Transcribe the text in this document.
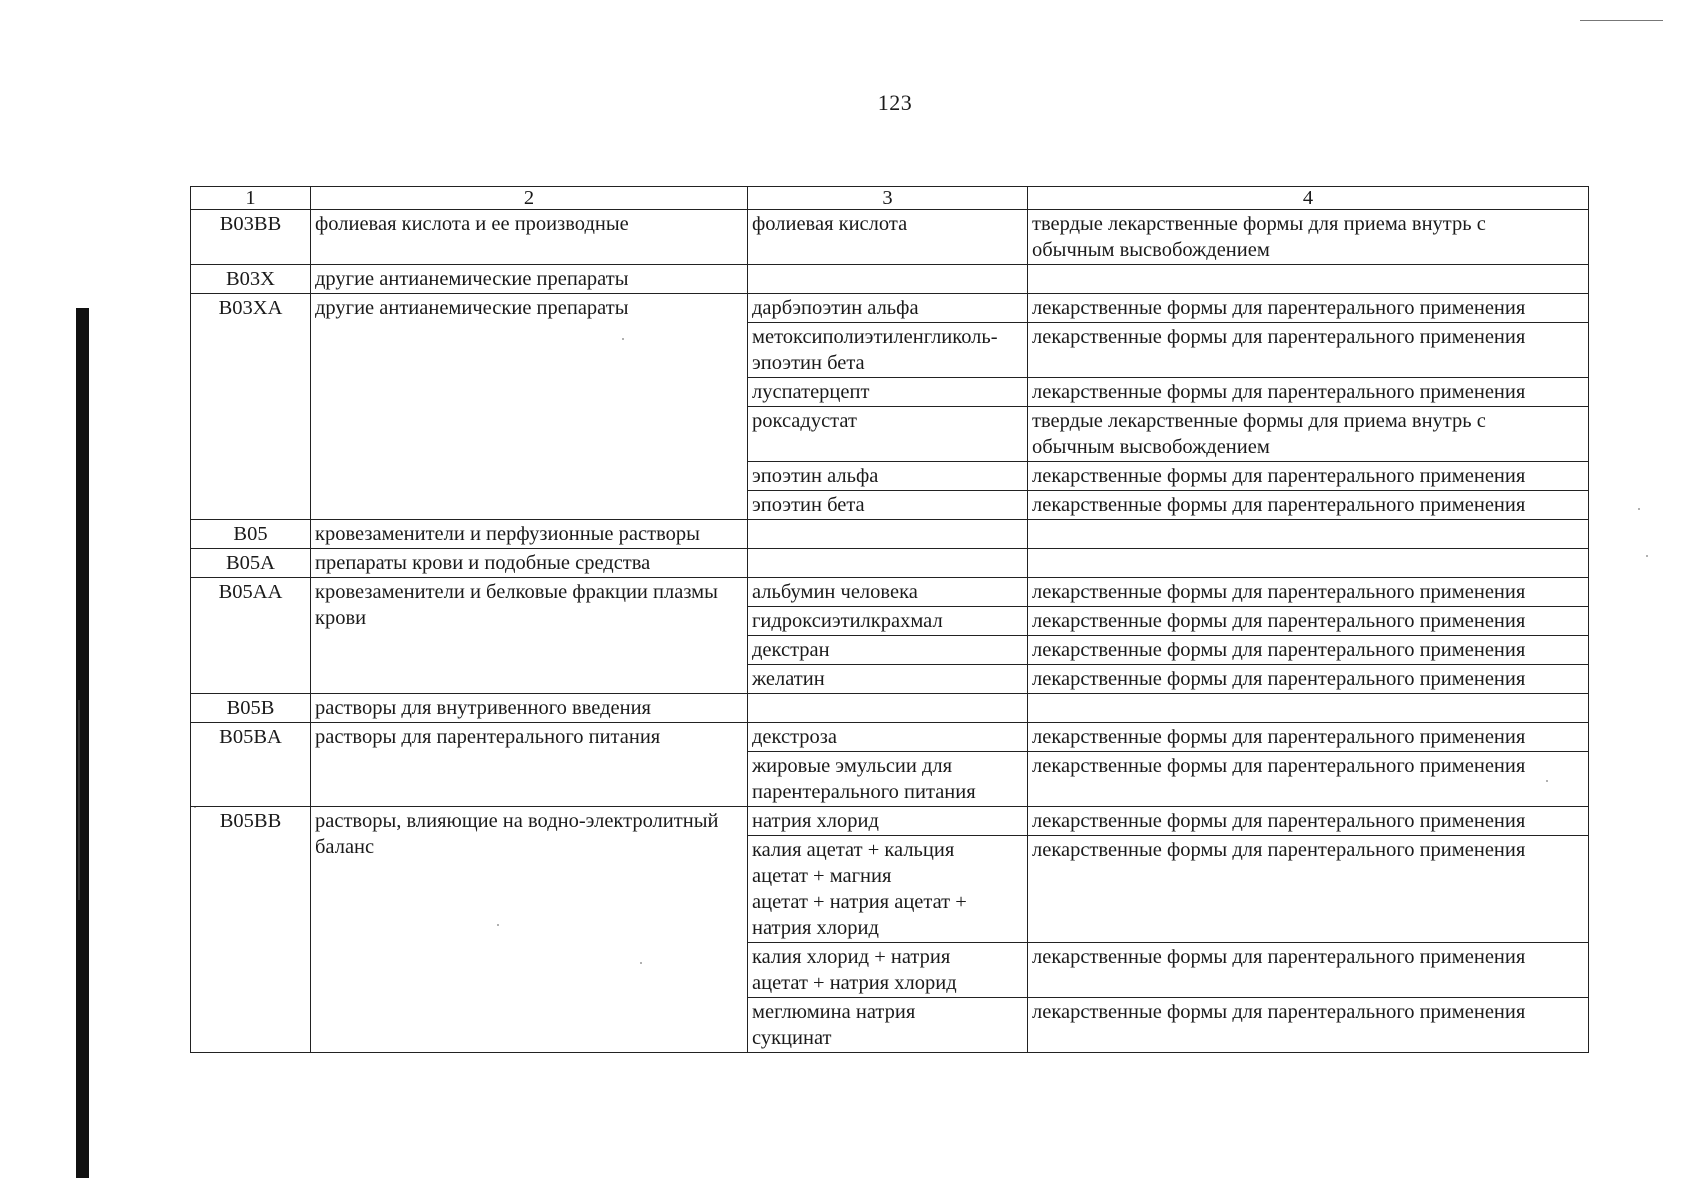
123
1	2	3	4
B03BB	фолиевая кислота и ее производные	фолиевая кислота	твердые лекарственные формы для приема внутрь с
обычным высвобождением

B03X	другие антианемические препараты	

B03XA	другие антианемические препараты	дарбэпоэтин альфа	лекарственные формы для парентерального применения

		метоксиполиэтиленгликоль-
эпоэтин бета	лекарственные формы для парентерального применения

		луспатерцепт	лекарственные формы для парентерального применения

		роксадустат	твердые лекарственные формы для приема внутрь с
обычным высвобождением

		эпоэтин альфа	лекарственные формы для парентерального применения

		эпоэтин бета	лекарственные формы для парентерального применения

B05	кровезаменители и перфузионные растворы	

B05A	препараты крови и подобные средства	

B05AA	кровезаменители и белковые фракции плазмы крови	альбумин человека	лекарственные формы для парентерального применения

		гидроксиэтилкрахмал	лекарственные формы для парентерального применения

		декстран	лекарственные формы для парентерального применения

		желатин	лекарственные формы для парентерального применения

B05B	растворы для внутривенного введения	

B05BA	растворы для парентерального питания	декстроза	лекарственные формы для парентерального применения

		жировые эмульсии для
парентерального питания	лекарственные формы для парентерального применения

B05BB	растворы, влияющие на водно-электролитный баланс	натрия хлорид	лекарственные формы для парентерального применения

		калия ацетат + кальция
ацетат + магния
ацетат + натрия ацетат +
натрия хлорид	лекарственные формы для парентерального применения

		калия хлорид + натрия
ацетат + натрия хлорид	лекарственные формы для парентерального применения

		меглюмина натрия
сукцинат	лекарственные формы для парентерального применения
